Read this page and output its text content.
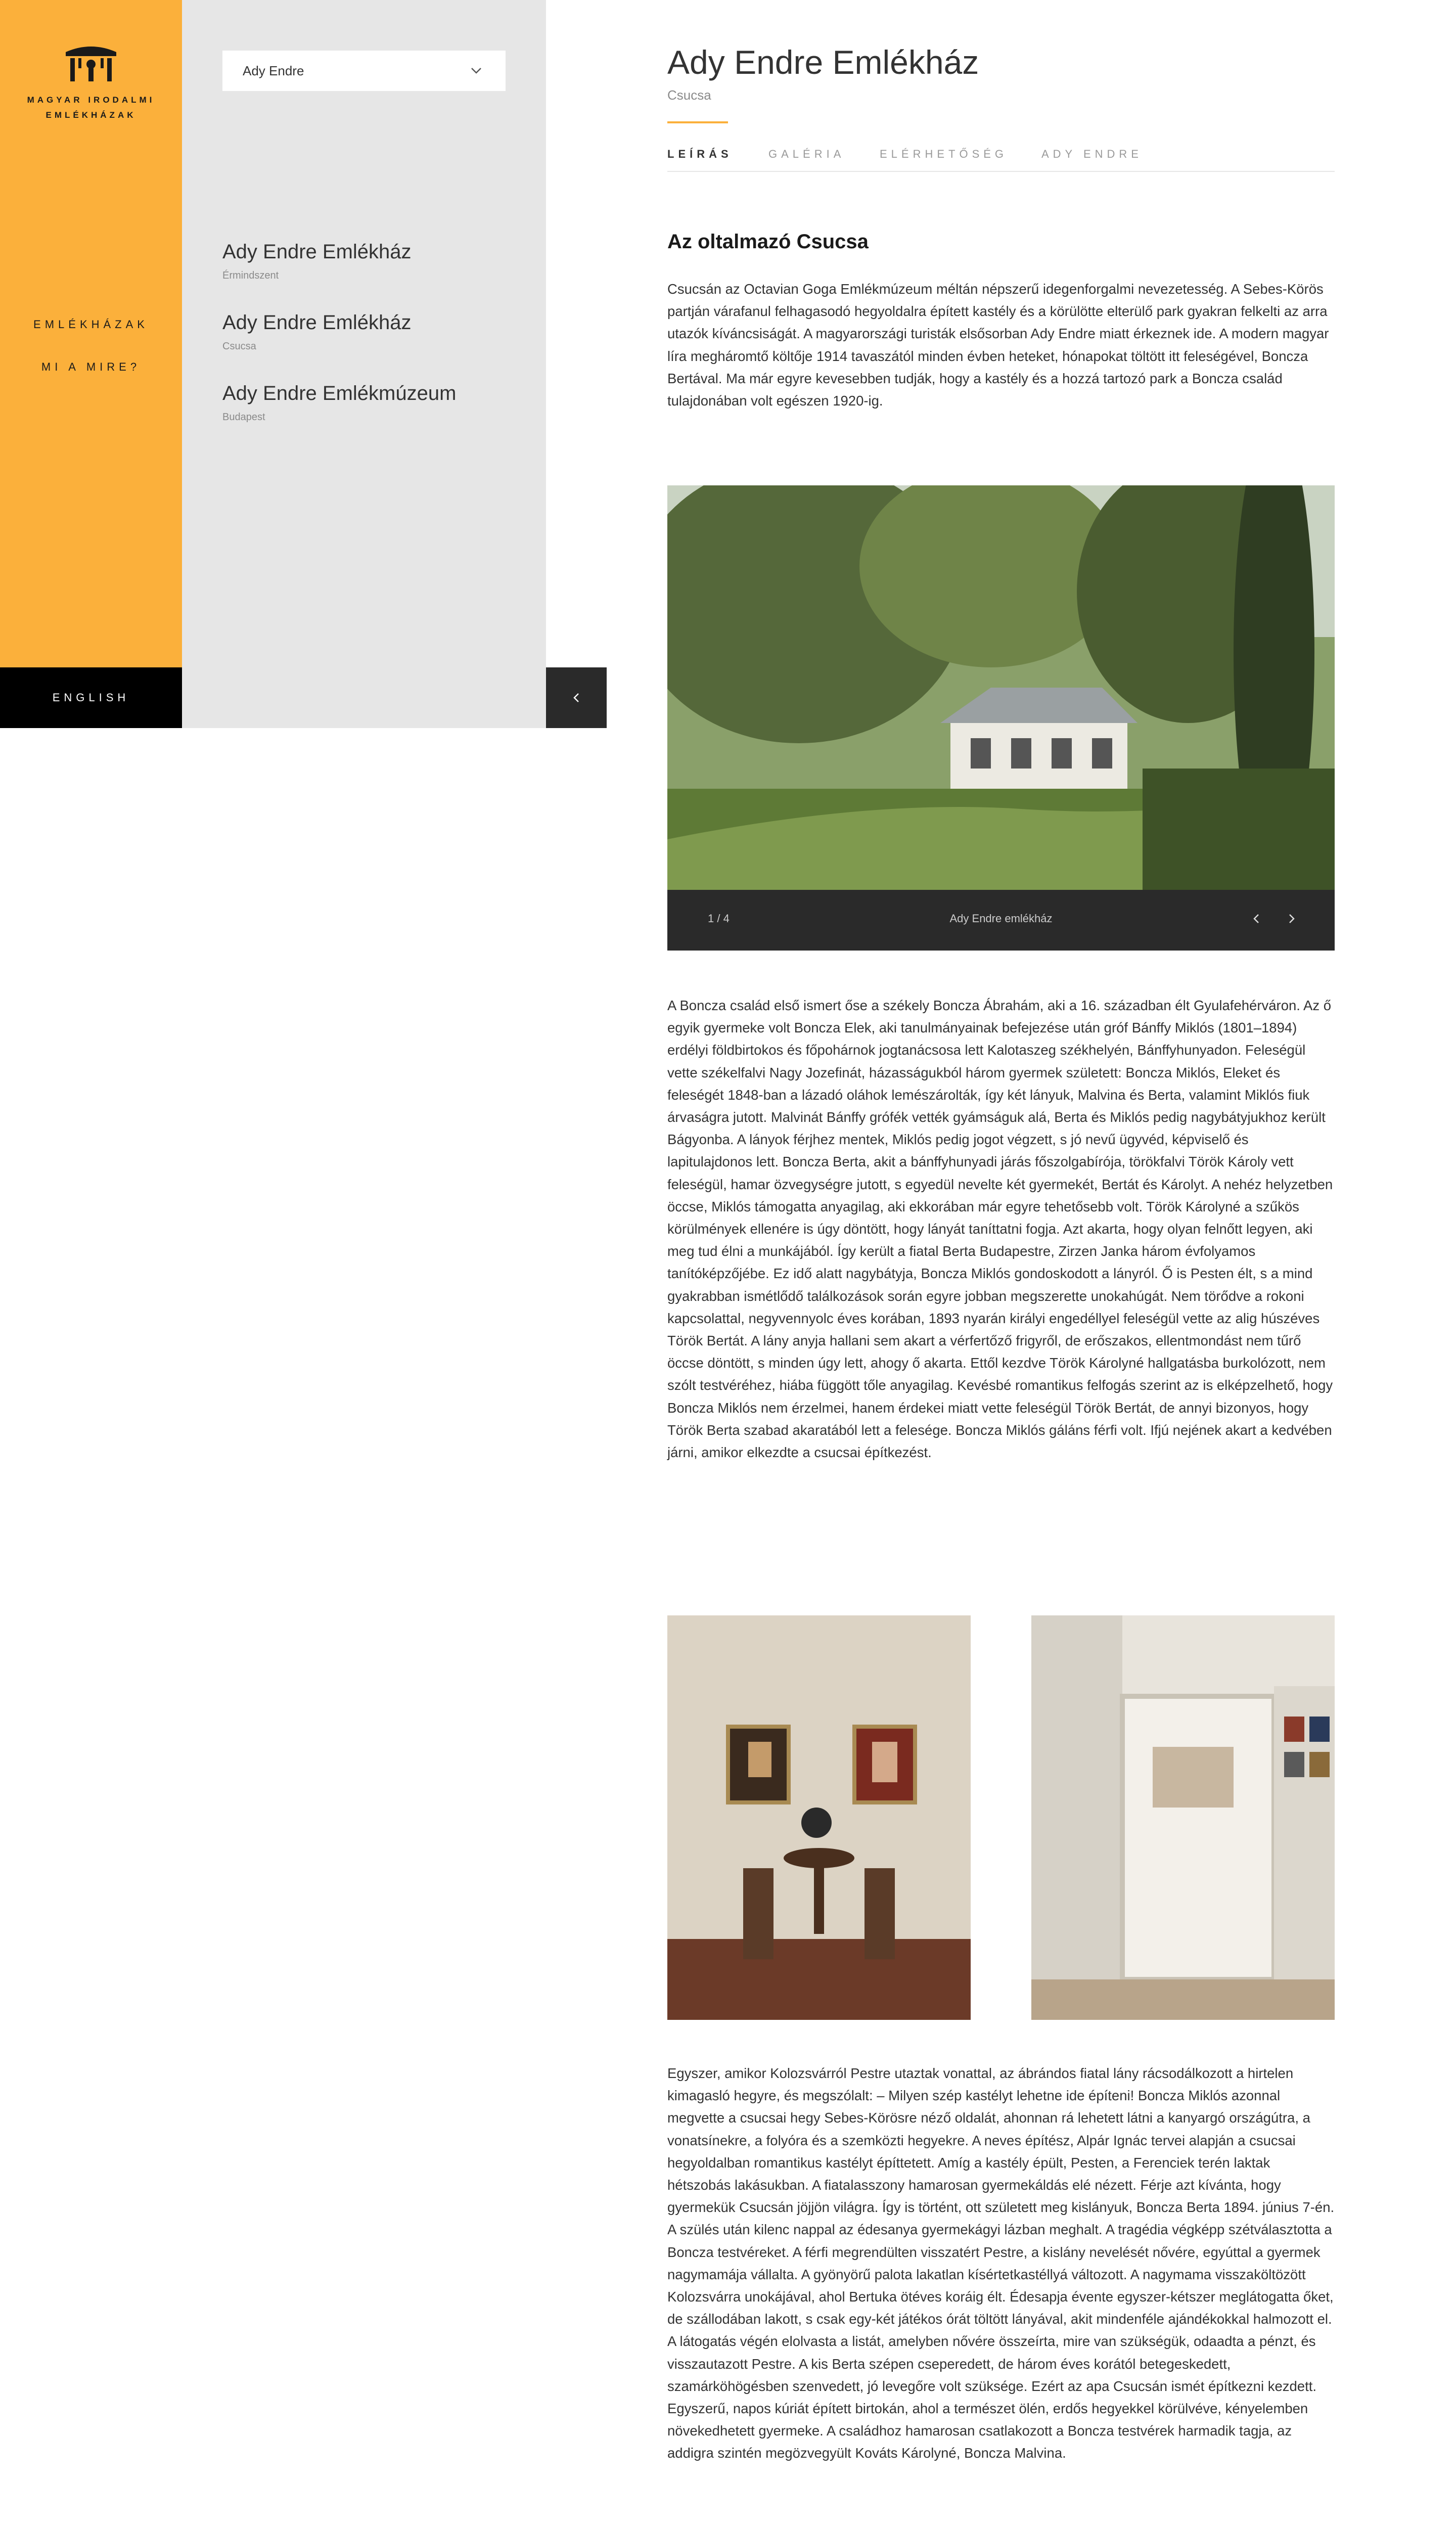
MAGYAR IRODALMI
EMLÉKHÁZAK
EMLÉKHÁZAK
MI A MIRE?
ENGLISH
Ady Endre
Ady Endre Emlékház
Érmindszent
Ady Endre Emlékház
Csucsa
Ady Endre Emlékmúzeum
Budapest
Ady Endre Emlékház
Csucsa
LEÍRÁS	GALÉRIA	ELÉRHETŐSÉG	ADY ENDRE
Az oltalmazó Csucsa
Csucsán az Octavian Goga Emlékmúzeum méltán népszerű idegenforgalmi nevezetesség. A Sebes-Körös partján várafanul felhagasodó hegyoldalra épített kastély és a körülötte elterülő park gyakran felkelti az arra utazók kíváncsiságát. A magyarországi turisták elsősorban Ady Endre miatt érkeznek ide. A modern magyar líra megháromtő költője 1914 tavaszától minden évben heteket, hónapokat töltött itt feleségével, Boncza Bertával. Ma már egyre kevesebben tudják, hogy a kastély és a hozzá tartozó park a Boncza család tulajdonában volt egészen 1920-ig.
1 / 4	Ady Endre emlékház
A Boncza család első ismert őse a székely Boncza Ábrahám, aki a 16. században élt Gyulafehérváron. Az ő egyik gyermeke volt Boncza Elek, aki tanulmányainak befejezése után gróf Bánffy Miklós (1801–1894) erdélyi földbirtokos és főpohárnok jogtanácsosa lett Kalotaszeg székhelyén, Bánffyhunyadon. Feleségül vette székelfalvi Nagy Jozefinát, házasságukból három gyermek született: Boncza Miklós, Eleket és feleségét 1848-ban a lázadó oláhok lemészárolták, így két lányuk, Malvina és Berta, valamint Miklós fiuk árvaságra jutott. Malvinát Bánffy grófék vették gyámságuk alá, Berta és Miklós pedig nagybátyjukhoz került Bágyonba. A lányok férjhez mentek, Miklós pedig jogot végzett, s jó nevű ügyvéd, képviselő és lapitulajdonos lett. Boncza Berta, akit a bánffyhunyadi járás főszolgabírója, törökfalvi Török Károly vett feleségül, hamar özvegységre jutott, s egyedül nevelte két gyermekét, Bertát és Károlyt. A nehéz helyzetben öccse, Miklós támogatta anyagilag, aki ekkorában már egyre tehetősebb volt. Török Károlyné a szűkös körülmények ellenére is úgy döntött, hogy lányát taníttatni fogja. Azt akarta, hogy olyan felnőtt legyen, aki meg tud élni a munkájából. Így került a fiatal Berta Budapestre, Zirzen Janka három évfolyamos tanítóképzőjébe. Ez idő alatt nagybátyja, Boncza Miklós gondoskodott a lányról. Ő is Pesten élt, s a mind gyakrabban ismétlődő találkozások során egyre jobban megszerette unokahúgát. Nem törődve a rokoni kapcsolattal, negyvennyolc éves korában, 1893 nyarán királyi engedéllyel feleségül vette az alig húszéves Török Bertát. A lány anyja hallani sem akart a vérfertőző frigyről, de erőszakos, ellentmondást nem tűrő öccse döntött, s minden úgy lett, ahogy ő akarta. Ettől kezdve Török Károlyné hallgatásba burkolózott, nem szólt testvéréhez, hiába függött tőle anyagilag. Kevésbé romantikus felfogás szerint az is elképzelhető, hogy Boncza Miklós nem érzelmei, hanem érdekei miatt vette feleségül Török Bertát, de annyi bizonyos, hogy Török Berta szabad akaratából lett a felesége. Boncza Miklós gáláns férfi volt. Ifjú nejének akart a kedvében járni, amikor elkezdte a csucsai építkezést.
Egyszer, amikor Kolozsvárról Pestre utaztak vonattal, az ábrándos fiatal lány rácsodálkozott a hirtelen kimagasló hegyre, és megszólalt: – Milyen szép kastélyt lehetne ide építeni! Boncza Miklós azonnal megvette a csucsai hegy Sebes-Körösre néző oldalát, ahonnan rá lehetett látni a kanyargó országútra, a vonatsínekre, a folyóra és a szemközti hegyekre. A neves építész, Alpár Ignác tervei alapján a csucsai hegyoldalban romantikus kastélyt építtetett. Amíg a kastély épült, Pesten, a Ferenciek terén laktak hétszobás lakásukban. A fiatalasszony hamarosan gyermekáldás elé nézett. Férje azt kívánta, hogy gyermekük Csucsán jöjjön világra. Így is történt, ott született meg kislányuk, Boncza Berta 1894. június 7-én. A szülés után kilenc nappal az édesanya gyermekágyi lázban meghalt. A tragédia végképp szétválasztotta a Boncza testvéreket. A férfi megrendülten visszatért Pestre, a kislány nevelését nővére, egyúttal a gyermek nagymamája vállalta. A gyönyörű palota lakatlan kísértetkastéllyá változott. A nagymama visszaköltözött Kolozsvárra unokájával, ahol Bertuka ötéves koráig élt. Édesapja évente egyszer-kétszer meglátogatta őket, de szállodában lakott, s csak egy-két játékos órát töltött lányával, akit mindenféle ajándékokkal halmozott el. A látogatás végén elolvasta a listát, amelyben nővére összeírta, mire van szükségük, odaadta a pénzt, és visszautazott Pestre. A kis Berta szépen cseperedett, de három éves korától betegeskedett, szamárköhögésben szenvedett, jó levegőre volt szüksége. Ezért az apa Csucsán ismét építkezni kezdett. Egyszerű, napos kúriát épített birtokán, ahol a természet ölén, erdős hegyekkel körülvéve, kényelemben növekedhetett gyermeke. A családhoz hamarosan csatlakozott a Boncza testvérek harmadik tagja, az addigra szintén megözvegyült Kováts Károlyné, Boncza Malvina.
